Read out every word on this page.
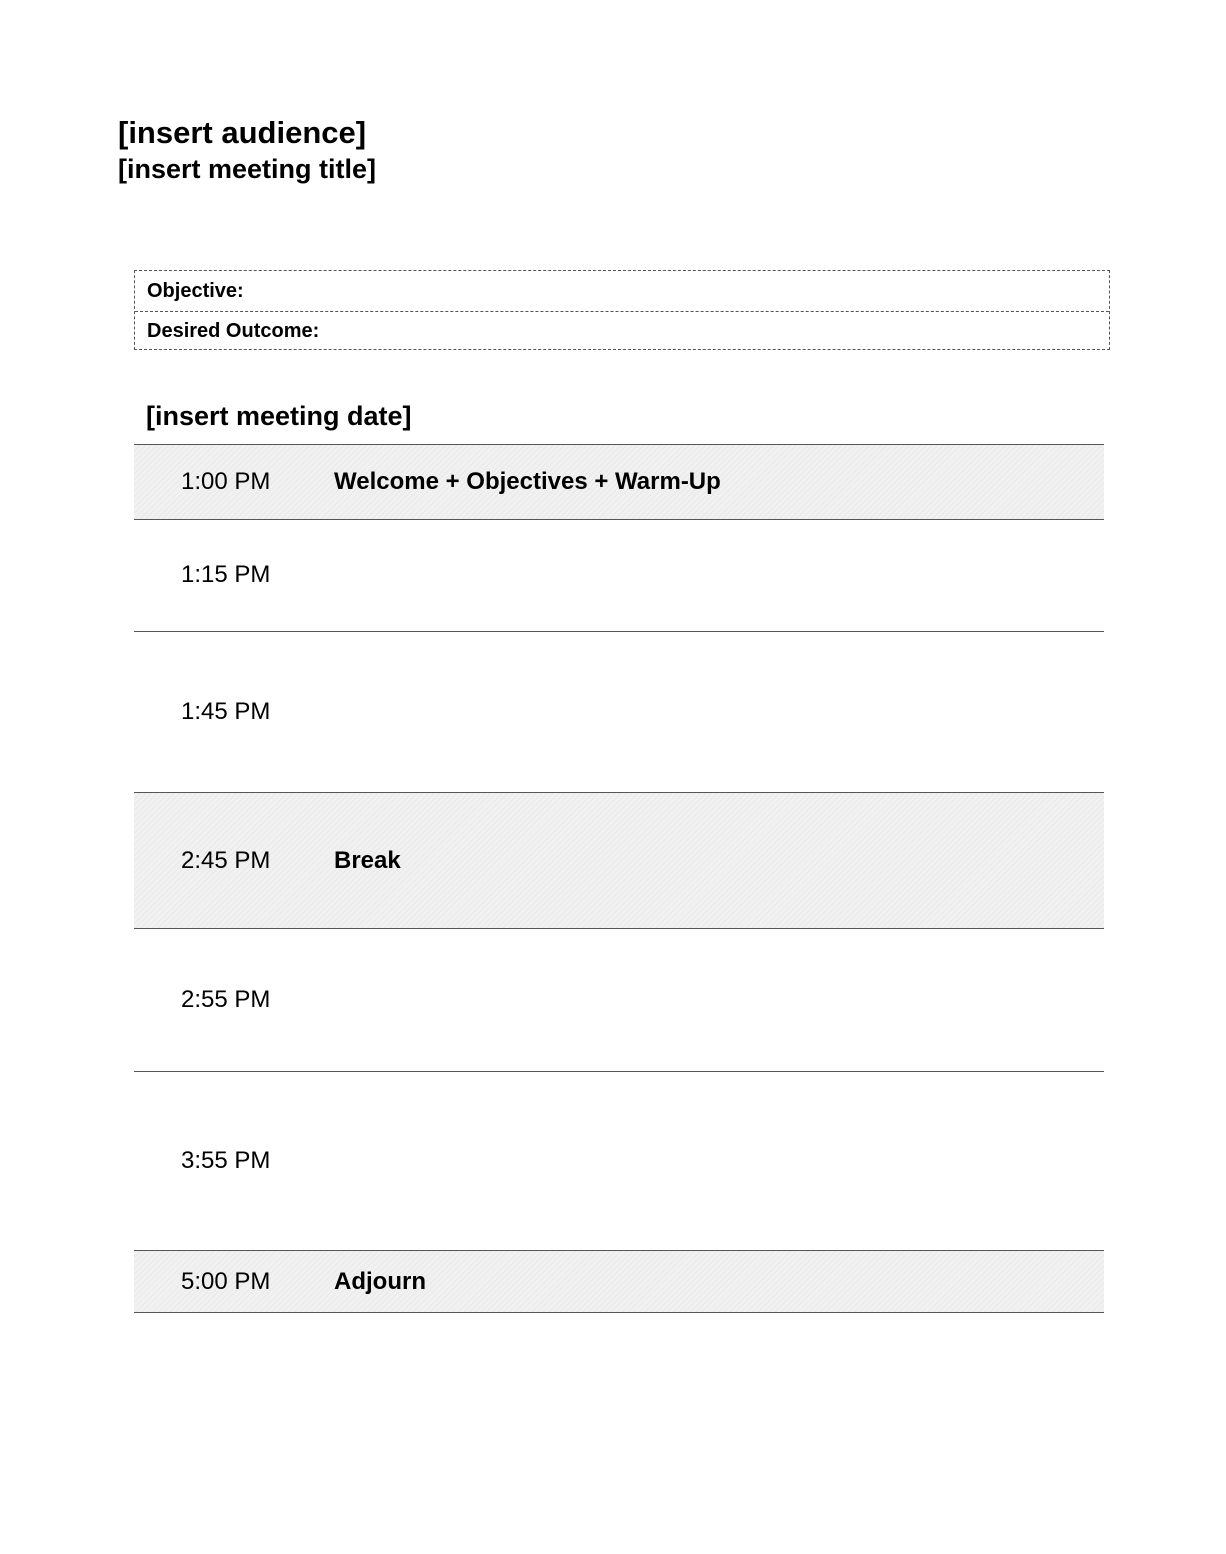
[insert audience]
[insert meeting title]
Objective:
Desired Outcome:
[insert meeting date]
1:00 PM	Welcome + Objectives + Warm-Up
1:15 PM
1:45 PM
2:45 PM	Break
2:55 PM
3:55 PM
5:00 PM	Adjourn
